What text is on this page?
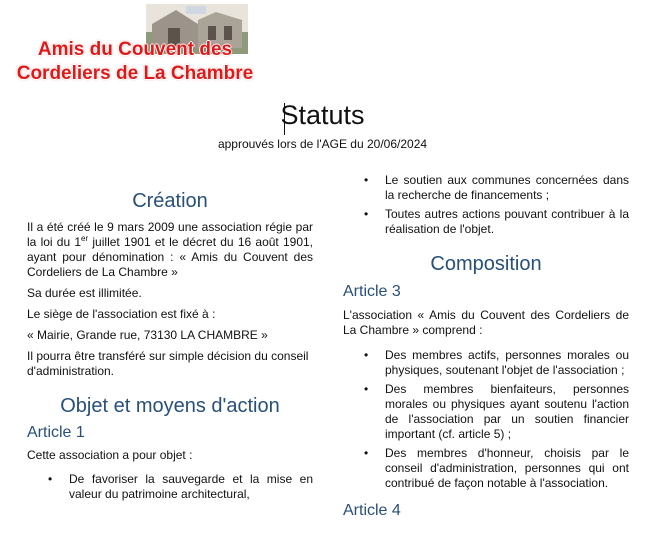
Amis du Couvent des
Cordeliers de La Chambre
Statuts
approuvés lors de l'AGE du 20/06/2024
Création

Il a été créé le 9 mars 2009 une association régie par la loi du 1er juillet 1901 et le décret du 16 août 1901, ayant pour dénomination : « Amis du Couvent des Cordeliers de La Chambre »

Sa durée est illimitée.

Le siège de l'association est fixé à :

« Mairie, Grande rue, 73130 LA CHAMBRE »

Il pourra être transféré sur simple décision du conseil d'administration.

Objet et moyens d'action
Article 1

Cette association a pour objet :

• De favoriser la sauvegarde et la mise en valeur du patrimoine architectural,
• Le soutien aux communes concernées dans la recherche de financements ;
• Toutes autres actions pouvant contribuer à la réalisation de l'objet.
Composition
Article 3

L'association « Amis du Couvent des Cordeliers de La Chambre » comprend :

• Des membres actifs, personnes morales ou physiques, soutenant l'objet de l'association ;
• Des membres bienfaiteurs, personnes morales ou physiques ayant soutenu l'action de l'association par un soutien financier important (cf. article 5) ;
• Des membres d'honneur, choisis par le conseil d'administration, personnes qui ont contribué de façon notable à l'association.
Article 4
